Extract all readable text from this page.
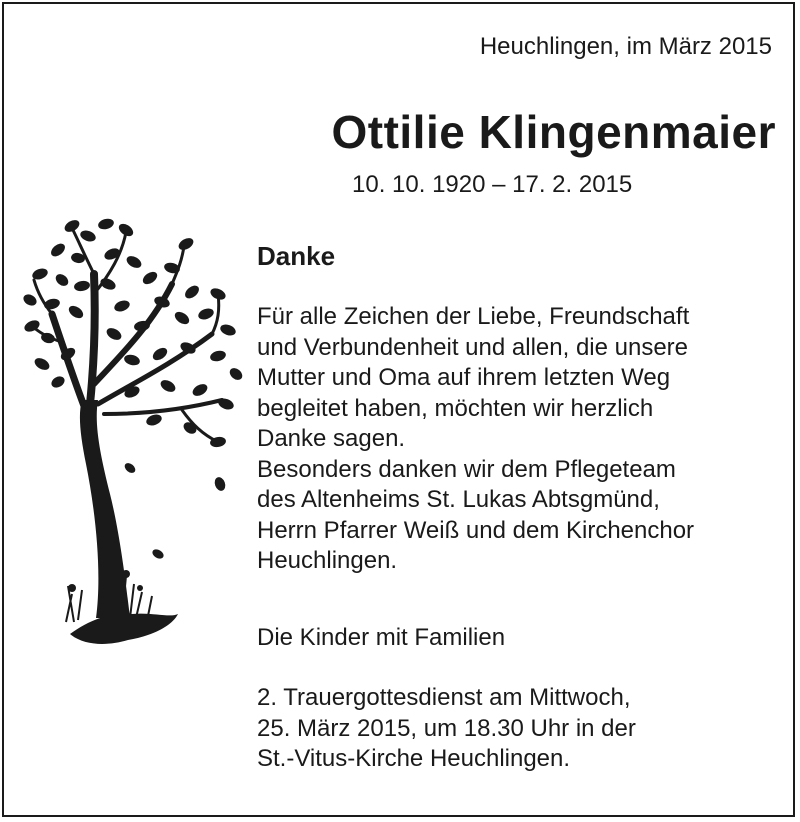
Heuchlingen, im März 2015
Ottilie Klingenmaier
10. 10. 1920 – 17. 2. 2015
Danke
Für alle Zeichen der Liebe, Freundschaft
und Verbundenheit und allen, die unsere
Mutter und Oma auf ihrem letzten Weg
begleitet haben, möchten wir herzlich
Danke sagen.
Besonders danken wir dem Pflegeteam
des Altenheims St. Lukas Abtsgmünd,
Herrn Pfarrer Weiß und dem Kirchenchor
Heuchlingen.
Die Kinder mit Familien
2. Trauergottesdienst am Mittwoch,
25. März 2015, um 18.30 Uhr in der
St.-Vitus-Kirche Heuchlingen.
